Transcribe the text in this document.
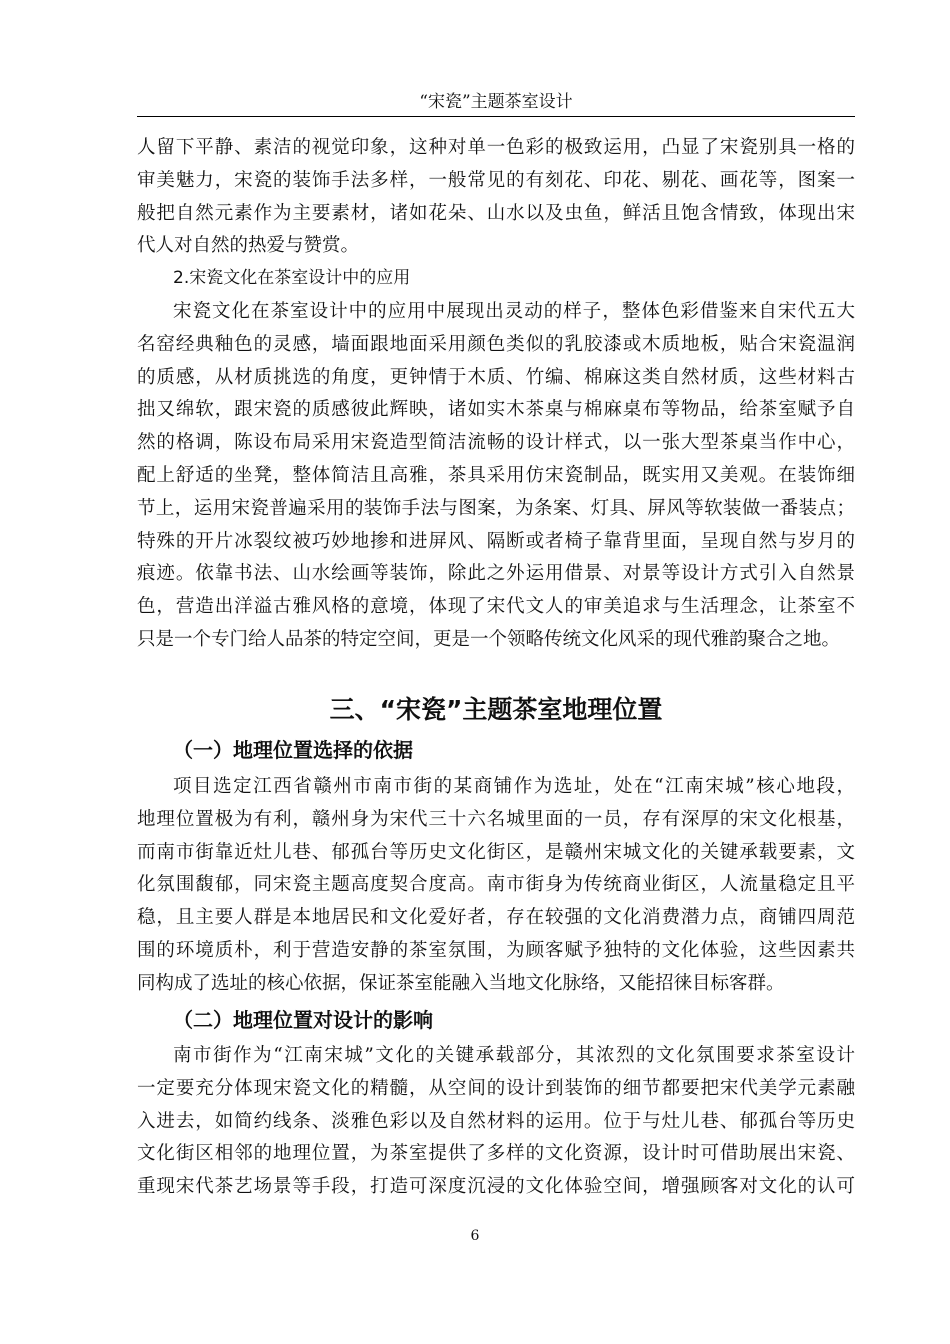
“宋瓷”主题茶室设计
人留下平静、素洁的视觉印象，这种对单一色彩的极致运用，凸显了宋瓷别具一格的
审美魅力，宋瓷的装饰手法多样，一般常见的有刻花、印花、剔花、画花等，图案一
般把自然元素作为主要素材，诸如花朵、山水以及虫鱼，鲜活且饱含情致，体现出宋
代人对自然的热爱与赞赏。
2.宋瓷文化在茶室设计中的应用
宋瓷文化在茶室设计中的应用中展现出灵动的样子，整体色彩借鉴来自宋代五大
名窑经典釉色的灵感，墙面跟地面采用颜色类似的乳胶漆或木质地板，贴合宋瓷温润
的质感，从材质挑选的角度，更钟情于木质、竹编、棉麻这类自然材质，这些材料古
拙又绵软，跟宋瓷的质感彼此辉映，诸如实木茶桌与棉麻桌布等物品，给茶室赋予自
然的格调，陈设布局采用宋瓷造型简洁流畅的设计样式，以一张大型茶桌当作中心，
配上舒适的坐凳，整体简洁且高雅，茶具采用仿宋瓷制品，既实用又美观。在装饰细
节上，运用宋瓷普遍采用的装饰手法与图案，为条案、灯具、屏风等软装做一番装点；
特殊的开片冰裂纹被巧妙地掺和进屏风、隔断或者椅子靠背里面，呈现自然与岁月的
痕迹。依靠书法、山水绘画等装饰，除此之外运用借景、对景等设计方式引入自然景
色，营造出洋溢古雅风格的意境，体现了宋代文人的审美追求与生活理念，让茶室不
只是一个专门给人品茶的特定空间，更是一个领略传统文化风采的现代雅韵聚合之地。
三、“宋瓷”主题茶室地理位置
（一）地理位置选择的依据
项目选定江西省赣州市南市街的某商铺作为选址，处在“江南宋城”核心地段，
地理位置极为有利，赣州身为宋代三十六名城里面的一员，存有深厚的宋文化根基，
而南市街靠近灶儿巷、郁孤台等历史文化街区，是赣州宋城文化的关键承载要素，文
化氛围馥郁，同宋瓷主题高度契合度高。南市街身为传统商业街区，人流量稳定且平
稳，且主要人群是本地居民和文化爱好者，存在较强的文化消费潜力点，商铺四周范
围的环境质朴，利于营造安静的茶室氛围，为顾客赋予独特的文化体验，这些因素共
同构成了选址的核心依据，保证茶室能融入当地文化脉络，又能招徕目标客群。
（二）地理位置对设计的影响
南市街作为“江南宋城”文化的关键承载部分，其浓烈的文化氛围要求茶室设计
一定要充分体现宋瓷文化的精髓，从空间的设计到装饰的细节都要把宋代美学元素融
入进去，如简约线条、淡雅色彩以及自然材料的运用。位于与灶儿巷、郁孤台等历史
文化街区相邻的地理位置，为茶室提供了多样的文化资源，设计时可借助展出宋瓷、
重现宋代茶艺场景等手段，打造可深度沉浸的文化体验空间，增强顾客对文化的认可
6
